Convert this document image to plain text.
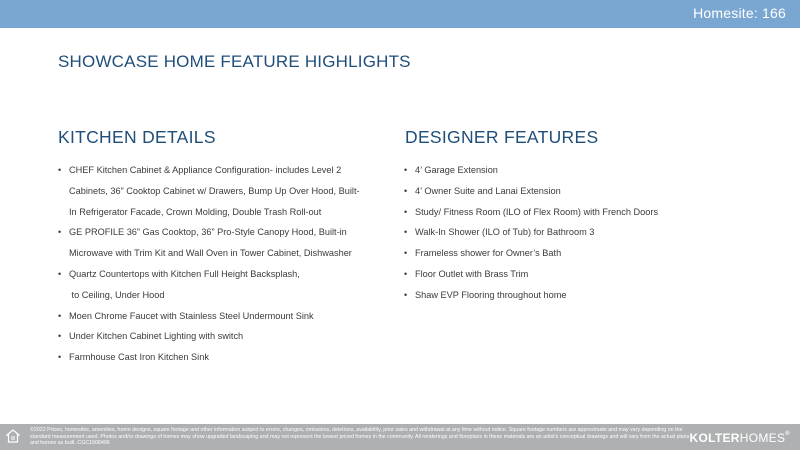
Homesite: 166
SHOWCASE HOME FEATURE HIGHLIGHTS
KITCHEN DETAILS	DESIGNER FEATURES
• CHEF Kitchen Cabinet & Appliance Configuration- includes Level 2
Cabinets, 36” Cooktop Cabinet w/ Drawers, Bump Up Over Hood, Built-
In Refrigerator Facade, Crown Molding, Double Trash Roll-out
• GE PROFILE 36” Gas Cooktop, 36” Pro-Style Canopy Hood, Built-in
Microwave with Trim Kit and Wall Oven in Tower Cabinet, Dishwasher
• Quartz Countertops with Kitchen Full Height Backsplash,
to Ceiling, Under Hood
• Moen Chrome Faucet with Stainless Steel Undermount Sink
• Under Kitchen Cabinet Lighting with switch
• Farmhouse Cast Iron Kitchen Sink
• 4’ Garage Extension
• 4’ Owner Suite and Lanai Extension
• Study/ Fitness Room (ILO of Flex Room) with French Doors
• Walk-In Shower (ILO of Tub) for Bathroom 3
• Frameless shower for Owner’s Bath
• Floor Outlet with Brass Trim
• Shaw EVP Flooring throughout home
©2022 Prices, homesites, amenities, home designs, square footage and other information subject to errors, changes, omissions, deletions, availability, prior sales and withdrawal at any time without notice. Square footage numbers are approximate and may vary depending on the standard measurement used. Photos and/or drawings of homes may show upgraded landscaping and may not represent the lowest priced homes in the community. All renderings and floorplans in these materials are an artist's conceptual drawings and will vary from the actual plans and homes as built. CGC1508406	KOLTERHOMES®
